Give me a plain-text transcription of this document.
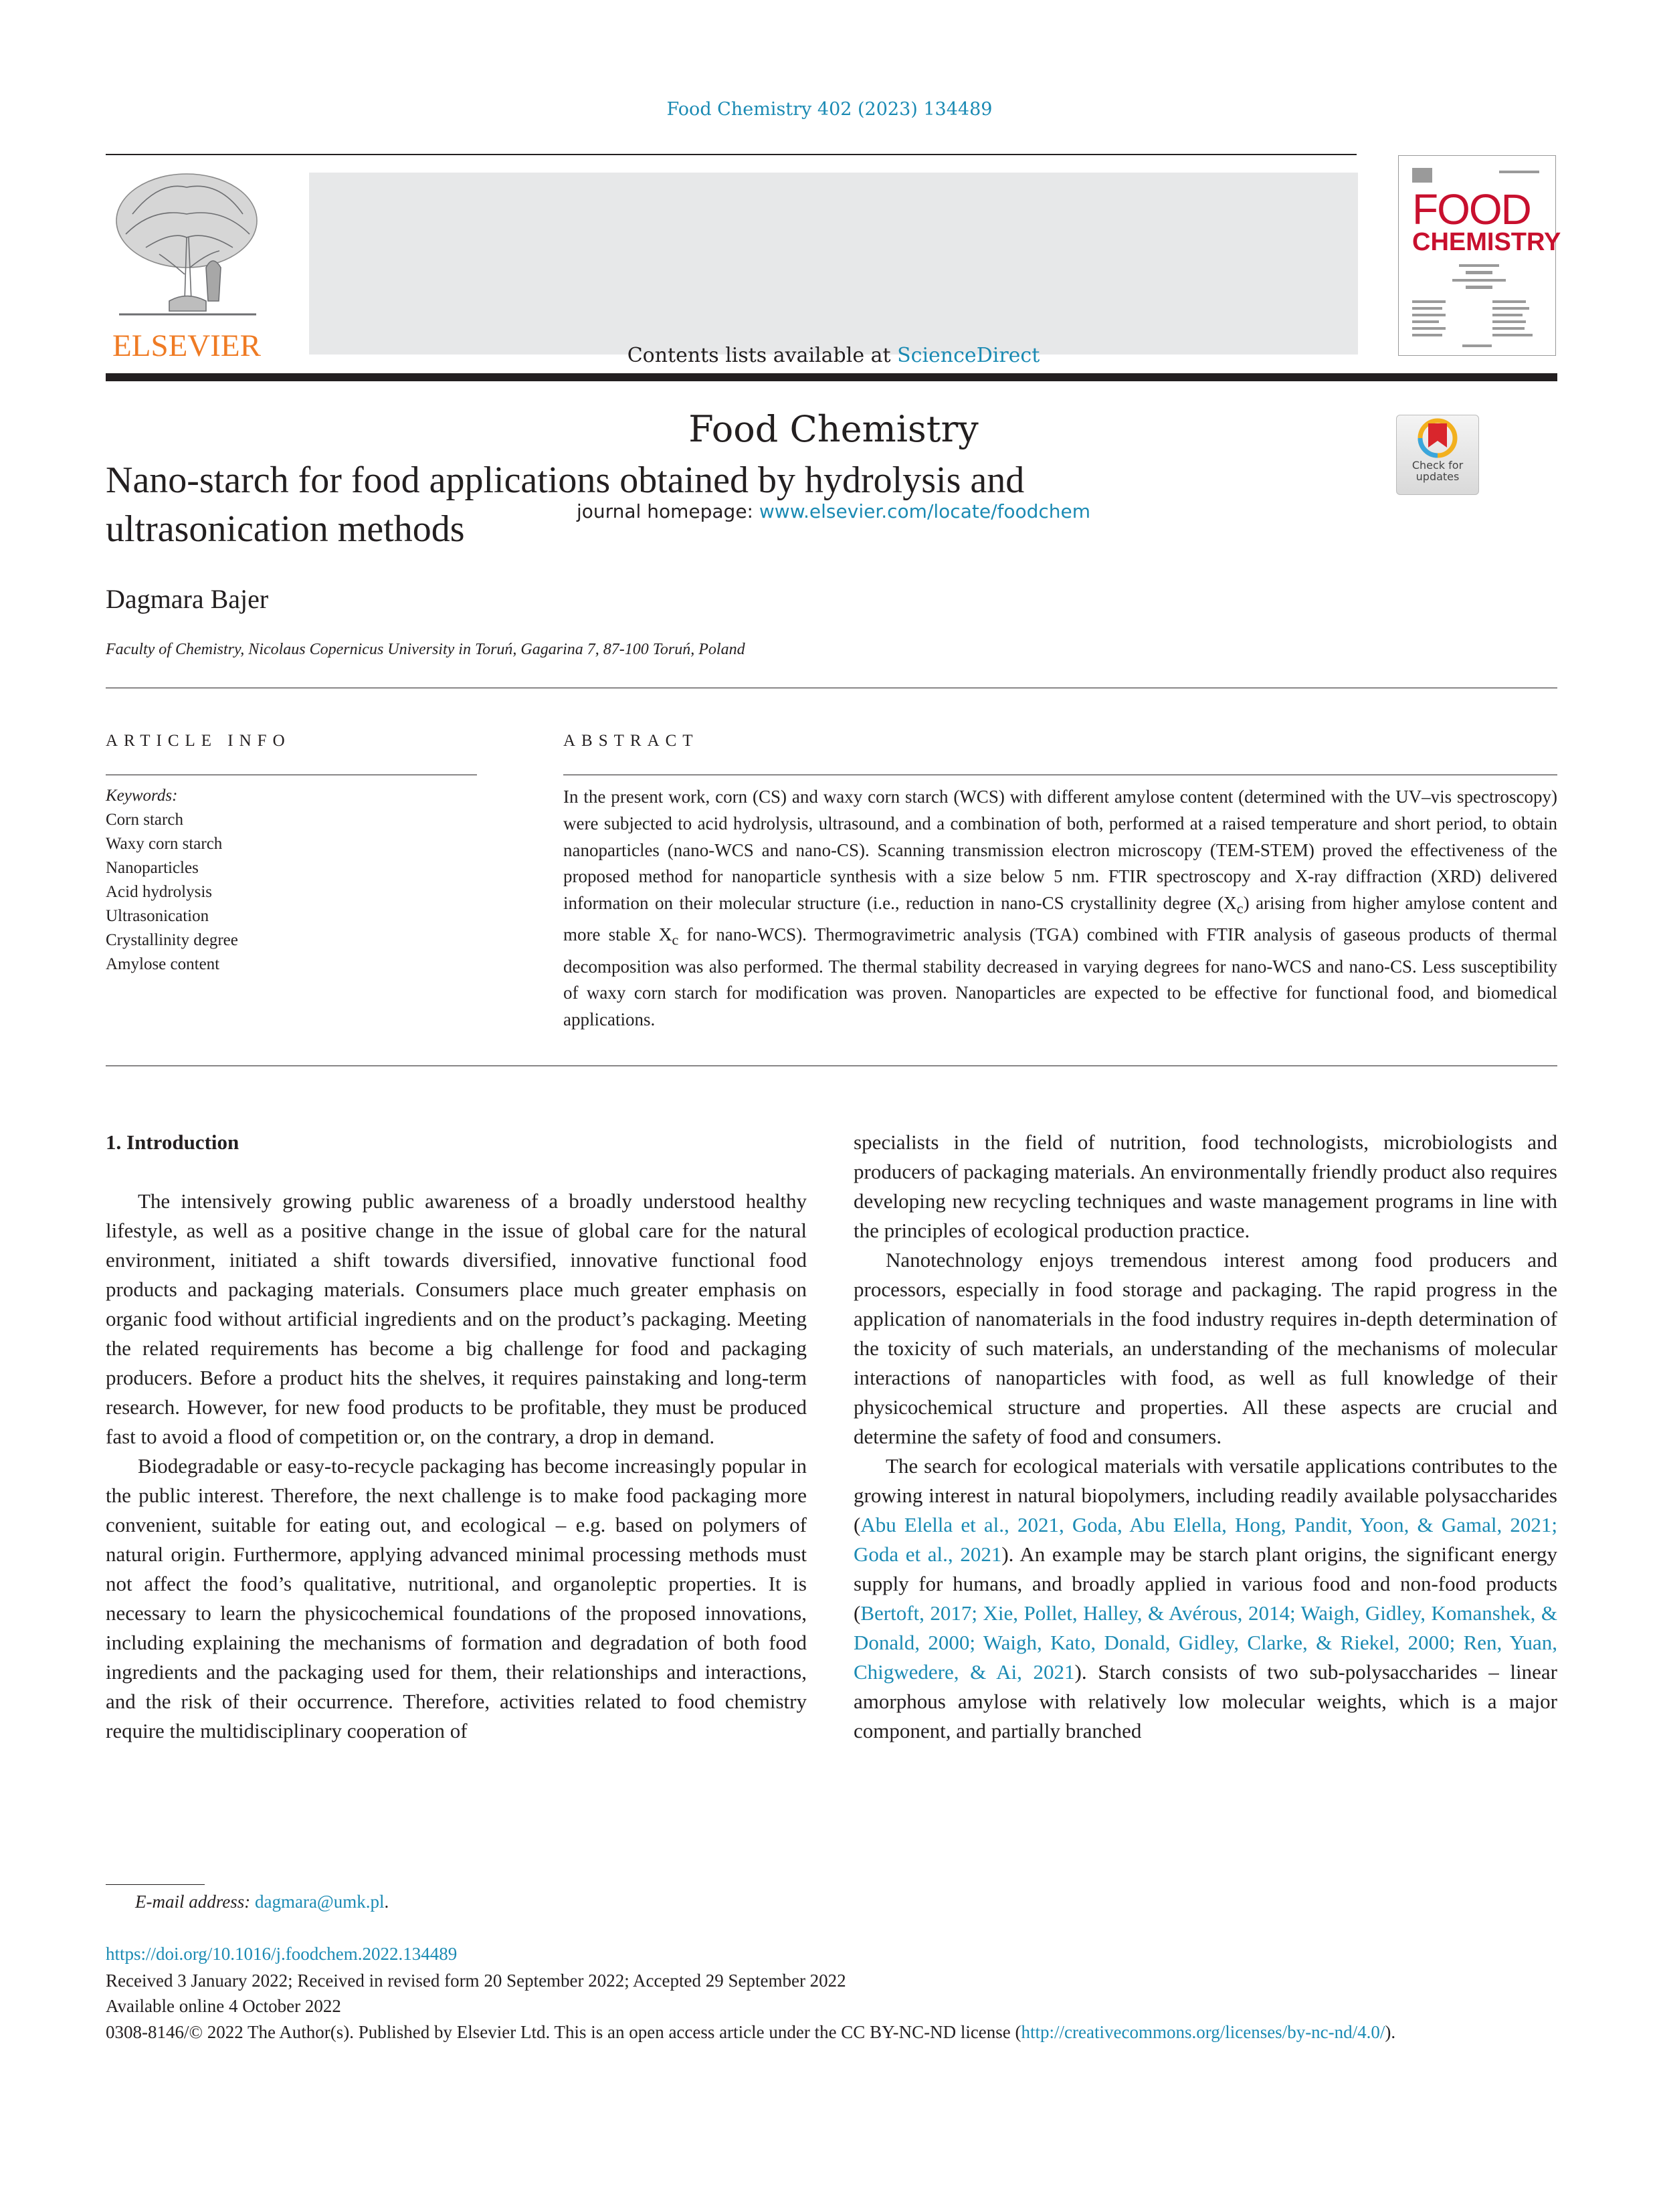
Food Chemistry 402 (2023) 134489
ELSEVIER	Contents lists available at ScienceDirect
Food Chemistry
journal homepage: www.elsevier.com/locate/foodchem
FOOD
CHEMISTRY
Nano-starch for food applications obtained by hydrolysis and
ultrasonication methods
Check for
updates
Dagmara Bajer
Faculty of Chemistry, Nicolaus Copernicus University in Toruń, Gagarina 7, 87-100 Toruń, Poland
ARTICLE INFO	ABSTRACT
Keywords:
Corn starch
Waxy corn starch
Nanoparticles
Acid hydrolysis
Ultrasonication
Crystallinity degree
Amylose content
In the present work, corn (CS) and waxy corn starch (WCS) with different amylose content (determined with the UV–vis spectroscopy) were subjected to acid hydrolysis, ultrasound, and a combination of both, performed at a raised temperature and short period, to obtain nanoparticles (nano-WCS and nano-CS). Scanning transmission electron microscopy (TEM-STEM) proved the effectiveness of the proposed method for nanoparticle synthesis with a size below 5 nm. FTIR spectroscopy and X-ray diffraction (XRD) delivered information on their molecular structure (i.e., reduction in nano-CS crystallinity degree $(X_c)$ arising from higher amylose content and more stable $X_c$ for nano-WCS). Thermogravimetric analysis (TGA) combined with FTIR analysis of gaseous products of thermal decomposition was also performed. The thermal stability decreased in varying degrees for nano-WCS and nano-CS. Less susceptibility of waxy corn starch for modification was proven. Nanoparticles are expected to be effective for functional food, and biomedical applications.
1. Introduction

The intensively growing public awareness of a broadly understood healthy lifestyle, as well as a positive change in the issue of global care for the natural environment, initiated a shift towards diversified, innovative functional food products and packaging materials. Consumers place much greater emphasis on organic food without artificial ingredients and on the product’s packaging. Meeting the related requirements has become a big challenge for food and packaging producers. Before a product hits the shelves, it requires painstaking and long-term research. However, for new food products to be profitable, they must be produced fast to avoid a flood of competition or, on the contrary, a drop in demand.

Biodegradable or easy-to-recycle packaging has become increasingly popular in the public interest. Therefore, the next challenge is to make food packaging more convenient, suitable for eating out, and ecological – e.g. based on polymers of natural origin. Furthermore, applying advanced minimal processing methods must not affect the food’s qualitative, nutritional, and organoleptic properties. It is necessary to learn the physicochemical foundations of the proposed innovations, including explaining the mechanisms of formation and degradation of both food ingredients and the packaging used for them, their relationships and interactions, and the risk of their occurrence. Therefore, activities related to food chemistry require the multidisciplinary cooperation of

specialists in the field of nutrition, food technologists, microbiologists and producers of packaging materials. An environmentally friendly product also requires developing new recycling techniques and waste management programs in line with the principles of ecological production practice.

Nanotechnology enjoys tremendous interest among food producers and processors, especially in food storage and packaging. The rapid progress in the application of nanomaterials in the food industry requires in-depth determination of the toxicity of such materials, an understanding of the mechanisms of molecular interactions of nanoparticles with food, as well as full knowledge of their physicochemical structure and properties. All these aspects are crucial and determine the safety of food and consumers.

The search for ecological materials with versatile applications contributes to the growing interest in natural biopolymers, including readily available polysaccharides (Abu Elella et al., 2021, Goda, Abu Elella, Hong, Pandit, Yoon, & Gamal, 2021; Goda et al., 2021). An example may be starch plant origins, the significant energy supply for humans, and broadly applied in various food and non-food products (Bertoft, 2017; Xie, Pollet, Halley, & Avérous, 2014; Waigh, Gidley, Komanshek, & Donald, 2000; Waigh, Kato, Donald, Gidley, Clarke, & Riekel, 2000; Ren, Yuan, Chigwedere, & Ai, 2021). Starch consists of two sub-polysaccharides – linear amorphous amylose with relatively low molecular weights, which is a major component, and partially branched

E-mail address: dagmara@umk.pl.
https://doi.org/10.1016/j.foodchem.2022.134489
Received 3 January 2022; Received in revised form 20 September 2022; Accepted 29 September 2022
Available online 4 October 2022
0308-8146/© 2022 The Author(s). Published by Elsevier Ltd. This is an open access article under the CC BY-NC-ND license (http://creativecommons.org/licenses/by-nc-nd/4.0/).
